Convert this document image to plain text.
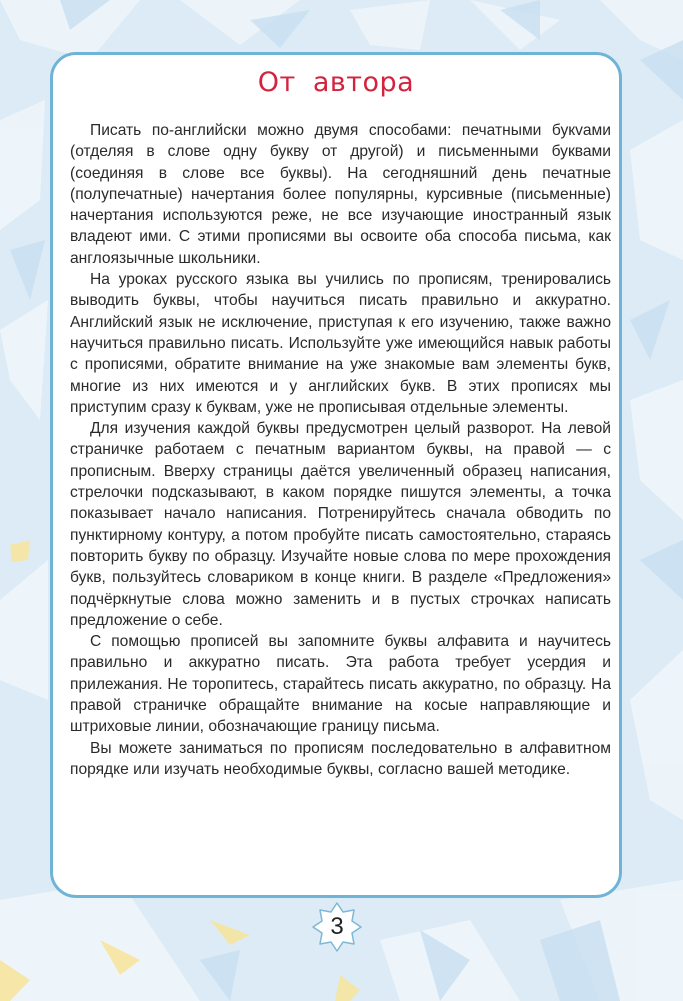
От автора

Писать по-английски можно двумя способами: печатными букvами (отделяя в слове одну букву от другой) и письменными буквами (соединяя в слове все буквы). На сегодняшний день печатные (полупечатные) начертания более популярны, курсивные (письменные) начертания используются реже, не все изучающие иностранный язык владеют ими. С этими прописями вы освоите оба способа письма, как англоязычные школьники.

На уроках русского языка вы учились по прописям, тренировались выводить буквы, чтобы научиться писать правильно и аккуратно. Английский язык не исключение, приступая к его изучению, также важно научиться правильно писать. Используйте уже имеющийся навык работы с прописями, обратите внимание на уже знакомые вам элементы букв, многие из них имеются и у английских букв. В этих прописях мы приступим сразу к буквам, уже не прописывая отдельные элементы.

Для изучения каждой буквы предусмотрен целый разворот. На левой страничке работаем с печатным вариантом буквы, на правой — с прописным. Вверху страницы даётся увеличенный образец написания, стрелочки подсказывают, в каком порядке пишутся элементы, а точка показывает начало написания. Потренируйтесь сначала обводить по пунктирному контуру, а потом пробуйте писать самостоятельно, стараясь повторить букву по образцу. Изучайте новые слова по мере прохождения букв, пользуйтесь словариком в конце книги. В разделе «Предложения» подчёркнутые слова можно заменить и в пустых строчках написать предложение о себе.

С помощью прописей вы запомните буквы алфавита и научитесь правильно и аккуратно писать. Эта работа требует усердия и прилежания. Не торопитесь, старайтесь писать аккуратно, по образцу. На правой страничке обращайте внимание на косые направляющие и штриховые линии, обозначающие границу письма.

Вы можете заниматься по прописям последовательно в алфавитном порядке или изучать необходимые буквы, согласно вашей методике.

3
